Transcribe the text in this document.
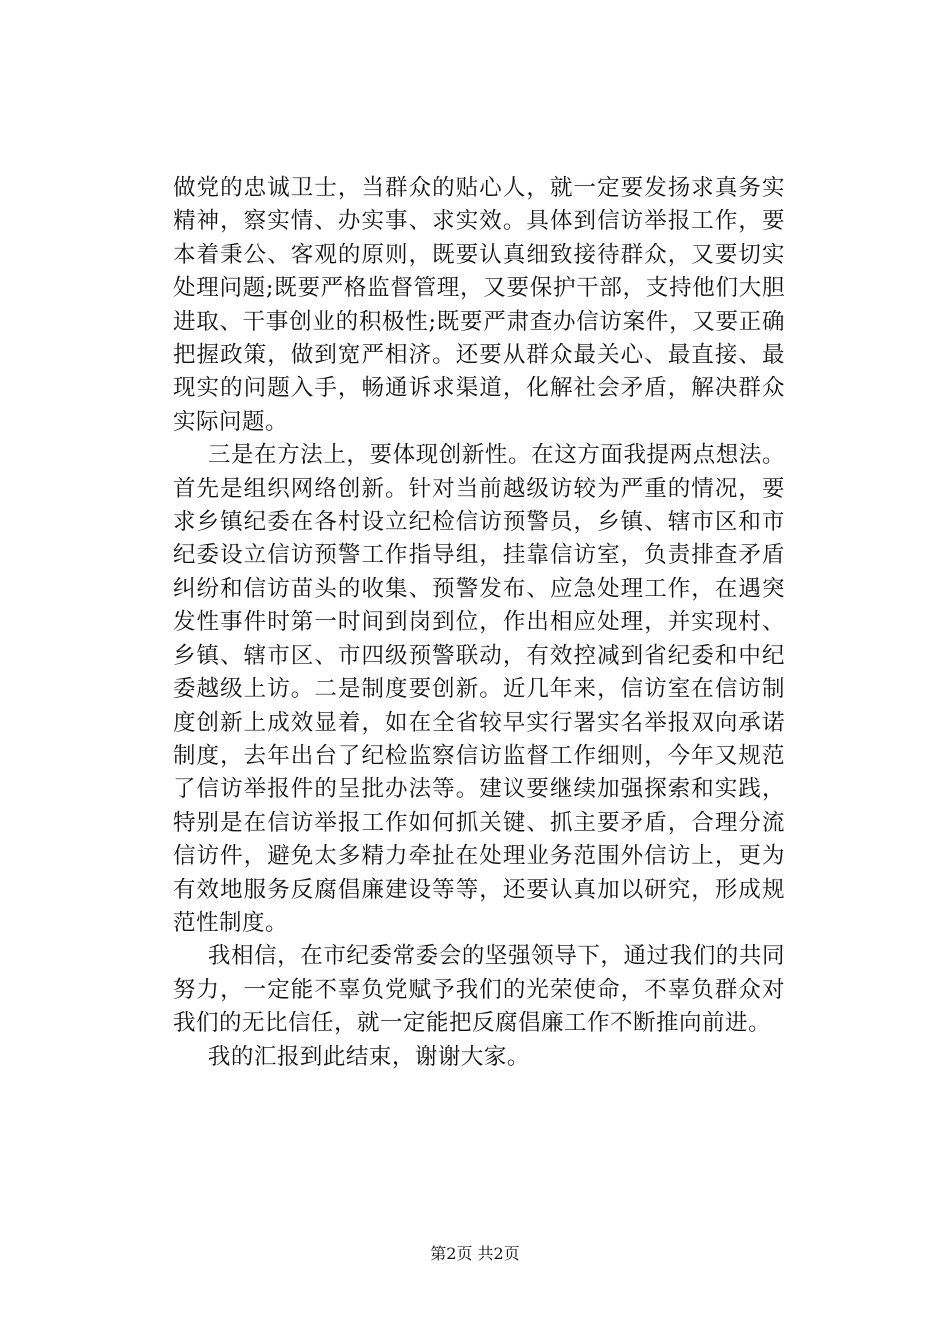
做党的忠诚卫士，当群众的贴心人，就一定要发扬求真务实精神，察实情、办实事、求实效。具体到信访举报工作，要本着秉公、客观的原则，既要认真细致接待群众，又要切实处理问题;既要严格监督管理，又要保护干部，支持他们大胆进取、干事创业的积极性;既要严肃查办信访案件，又要正确把握政策，做到宽严相济。还要从群众最关心、最直接、最现实的问题入手，畅通诉求渠道，化解社会矛盾，解决群众实际问题。

三是在方法上，要体现创新性。在这方面我提两点想法。首先是组织网络创新。针对当前越级访较为严重的情况，要求乡镇纪委在各村设立纪检信访预警员，乡镇、辖市区和市纪委设立信访预警工作指导组，挂靠信访室，负责排查矛盾纠纷和信访苗头的收集、预警发布、应急处理工作，在遇突发性事件时第一时间到岗到位，作出相应处理，并实现村、乡镇、辖市区、市四级预警联动，有效控减到省纪委和中纪委越级上访。二是制度要创新。近几年来，信访室在信访制度创新上成效显着，如在全省较早实行署实名举报双向承诺制度，去年出台了纪检监察信访监督工作细则，今年又规范了信访举报件的呈批办法等。建议要继续加强探索和实践，特别是在信访举报工作如何抓关键、抓主要矛盾，合理分流信访件，避免太多精力牵扯在处理业务范围外信访上，更为有效地服务反腐倡廉建设等等，还要认真加以研究，形成规范性制度。

我相信，在市纪委常委会的坚强领导下，通过我们的共同努力，一定能不辜负党赋予我们的光荣使命，不辜负群众对我们的无比信任，就一定能把反腐倡廉工作不断推向前进。

我的汇报到此结束，谢谢大家。

第2页 共2页
